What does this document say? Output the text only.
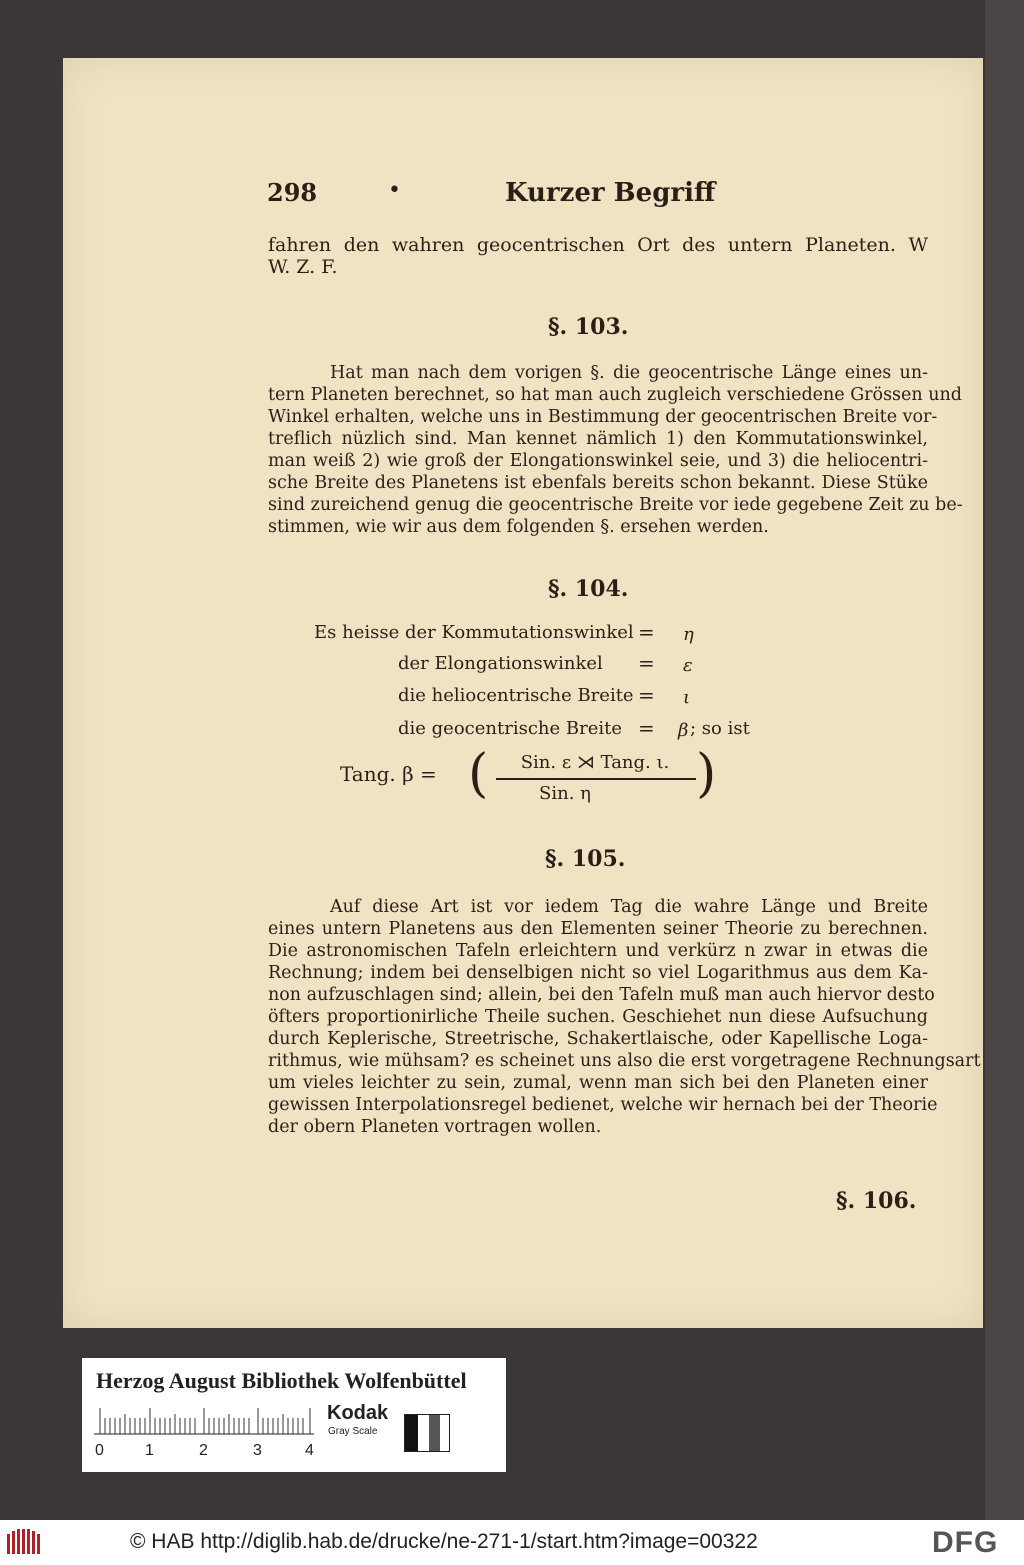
298	•	Kurzer Begriff
fahren den wahren geocentrischen Ort des untern Planeten. W
W. Z. F.
§. 103.
Hat man nach dem vorigen §. die geocentrische Länge eines un-
tern Planeten berechnet, so hat man auch zugleich verschiedene Grössen und
Winkel erhalten, welche uns in Bestimmung der geocentrischen Breite vor-
treflich nüzlich sind. Man kennet nämlich 1) den Kommutationswinkel,
man weiß 2) wie groß der Elongationswinkel seie, und 3) die heliocentri-
sche Breite des Planetens ist ebenfals bereits schon bekannt. Diese Stüke
sind zureichend genug die geocentrische Breite vor iede gegebene Zeit zu be-
stimmen, wie wir aus dem folgenden §. ersehen werden.
§. 104.
Es heisse der Kommutationswinkel = η
der Elongationswinkel = ε
die heliocentrische Breite = ι
die geocentrische Breite = β ; so ist
Tang. β = (	Sin. ε ⋊ Tang. ι.
Sin. η	)
§. 105.
Auf diese Art ist vor iedem Tag die wahre Länge und Breite
eines untern Planetens aus den Elementen seiner Theorie zu berechnen.
Die astronomischen Tafeln erleichtern und verkürz n zwar in etwas die
Rechnung; indem bei denselbigen nicht so viel Logarithmus aus dem Ka-
non aufzuschlagen sind; allein, bei den Tafeln muß man auch hiervor desto
öfters proportionirliche Theile suchen. Geschiehet nun diese Aufsuchung
durch Keplerische, Streetrische, Schakertlaische, oder Kapellische Loga-
rithmus, wie mühsam? es scheinet uns also die erst vorgetragene Rechnungsart
um vieles leichter zu sein, zumal, wenn man sich bei den Planeten einer
gewissen Interpolationsregel bedienet, welche wir hernach bei der Theorie
der obern Planeten vortragen wollen.
§. 106.
Herzog August Bibliothek Wolfenbüttel
0	1	2	3	4
Kodak
Gray Scale
© HAB http://diglib.hab.de/drucke/ne-271-1/start.htm?image=00322	DFG
